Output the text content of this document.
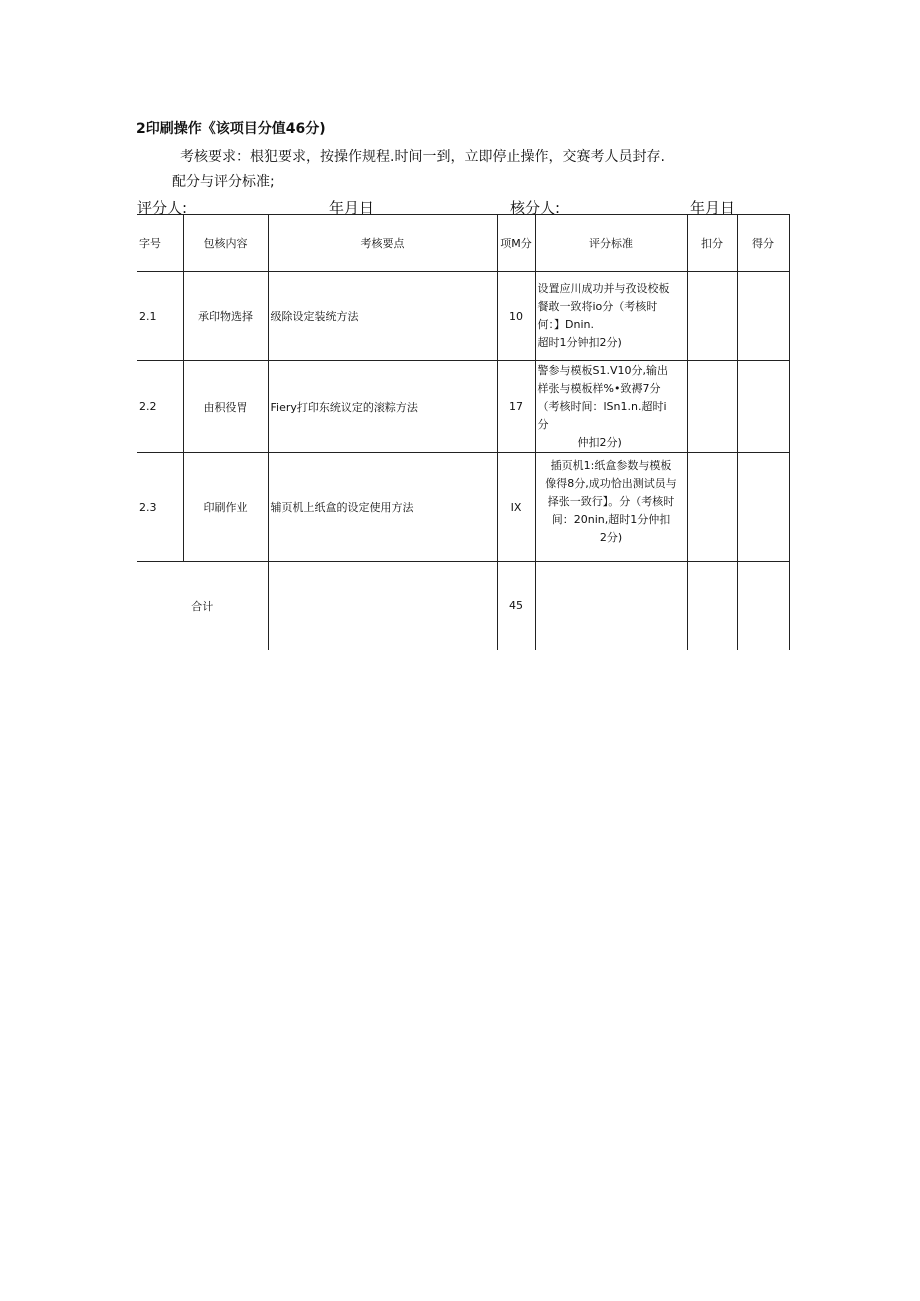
2印刷操作《该项目分值46分)
考核要求：根犯要求，按操作规程.时间一到，立即停止操作，交赛考人员封存.
配分与评分标准;
评分人:	年月日	核分人:	年月日
字号	包核内容	考核要点	项M分	评分标准	扣分	得分
2.1	承印物选择	级除设定装统方法	10	设置应川成功并与孜设校板
餐敢一致将io分（考核时
何：】Dnin.
超时1分钟扣2分)		

2.2	由积役胃	Fiery打印东统议定的滚粽方法	17	警参与模板S1.V10分,输出
样张与模板样%•致褥7分
（考核时间：lSn1.n.超时i
分
仲扣2分)		

2.3	印刷作业	辅页机上纸盒的设定使用方法	IX	插页机1:纸盒参数与模板
像得8分,成功恰出测试员与
择张一致行】。分（考核时
间：20nin,超时1分仲扣
2分)		

合计			45			
